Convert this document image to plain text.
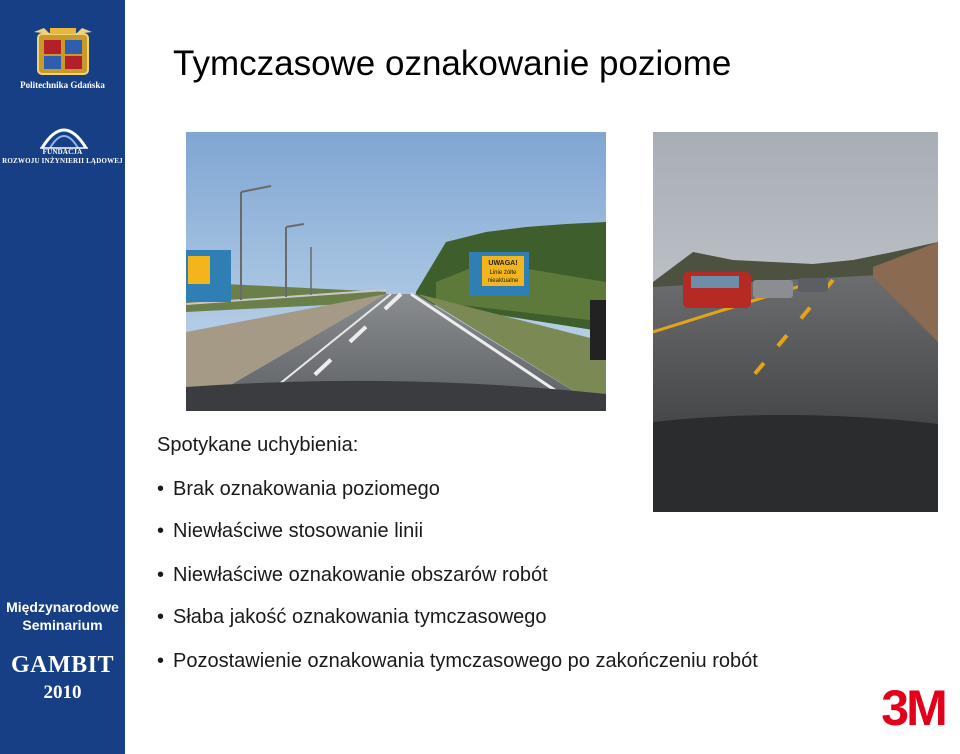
Politechnika Gdańska
FUNDACJA
ROZWOJU INŻYNIERII LĄDOWEJ
Międzynarodowe
Seminarium
GAMBIT
2010
Tymczasowe oznakowanie poziome
UWAGA!
Linie żółte
nieaktualne
Spotykane uchybienia:
• Brak oznakowania poziomego
• Niewłaściwe stosowanie linii
• Niewłaściwe oznakowanie obszarów robót
• Słaba jakość oznakowania tymczasowego
• Pozostawienie oznakowania tymczasowego po zakończeniu robót
3M
